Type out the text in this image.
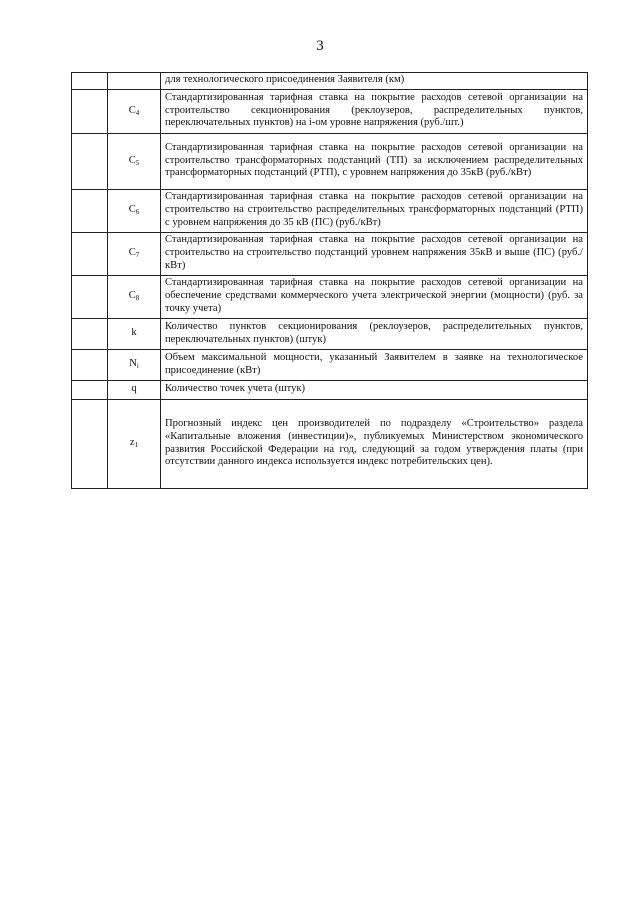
3
		для технологического присоединения Заявителя (км)
	$C_4$	Стандартизированная тарифная ставка на покрытие расходов сетевой организации на строительство секционирования (реклоузеров, распределительных пунктов, переключательных пунктов) на i-ом уровне напряжения (руб./шт.)
	$C_5$	Стандартизированная тарифная ставка на покрытие расходов сетевой организации на строительство трансформаторных подстанций (ТП) за исключением распределительных трансформаторных подстанций (РТП), с уровнем напряжения до 35кВ (руб./кВт)
	$C_6$	Стандартизированная тарифная ставка на покрытие расходов сетевой организации на строительство на строительство распределительных трансформаторных подстанций (РТП) с уровнем напряжения до 35 кВ (ПС) (руб./кВт)
	$C_7$	Стандартизированная тарифная ставка на покрытие расходов сетевой организации на строительство на строительство подстанций уровнем напряжения 35кВ и выше (ПС) (руб./кВт)
	$C_8$	Стандартизированная тарифная ставка на покрытие расходов сетевой организации на обеспечение средствами коммерческого учета электрической энергии (мощности) (руб. за точку учета)
	k	Количество пунктов секционирования (реклоузеров, распределительных пунктов, переключательных пунктов) (штук)
	$N_i$	Объем максимальной мощности, указанный Заявителем в заявке на технологическое присоединение (кВт)
	q	Количество точек учета (штук)
	$z_1$	Прогнозный индекс цен производителей по подразделу «Строительство» раздела «Капитальные вложения (инвестиции)», публикуемых Министерством экономического развития Российской Федерации на год, следующий за годом утверждения платы (при отсутствии данного индекса используется индекс потребительских цен).
